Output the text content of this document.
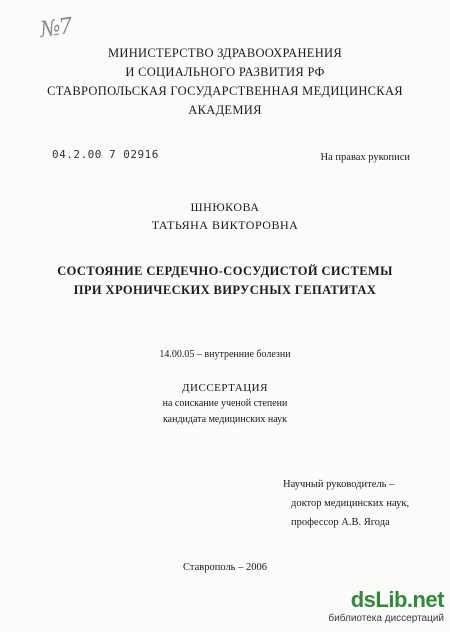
№7
МИНИСТЕРСТВО ЗДРАВООХРАНЕНИЯ
И СОЦИАЛЬНОГО РАЗВИТИЯ РФ
СТАВРОПОЛЬСКАЯ ГОСУДАРСТВЕННАЯ МЕДИЦИНСКАЯ
АКАДЕМИЯ
04.2.00 7 02916	На правах рукописи
ШНЮКОВА
ТАТЬЯНА ВИКТОРОВНА
СОСТОЯНИЕ СЕРДЕЧНО-СОСУДИСТОЙ СИСТЕМЫ
ПРИ ХРОНИЧЕСКИХ ВИРУСНЫХ ГЕПАТИТАХ
14.00.05 – внутренние болезни
ДИССЕРТАЦИЯ
на соискание ученой степени
кандидата медицинских наук
Научный руководитель –
доктор медицинских наук,
профессор А.В. Ягода
Ставрополь – 2006
dsLib.net
библиотека диссертаций
